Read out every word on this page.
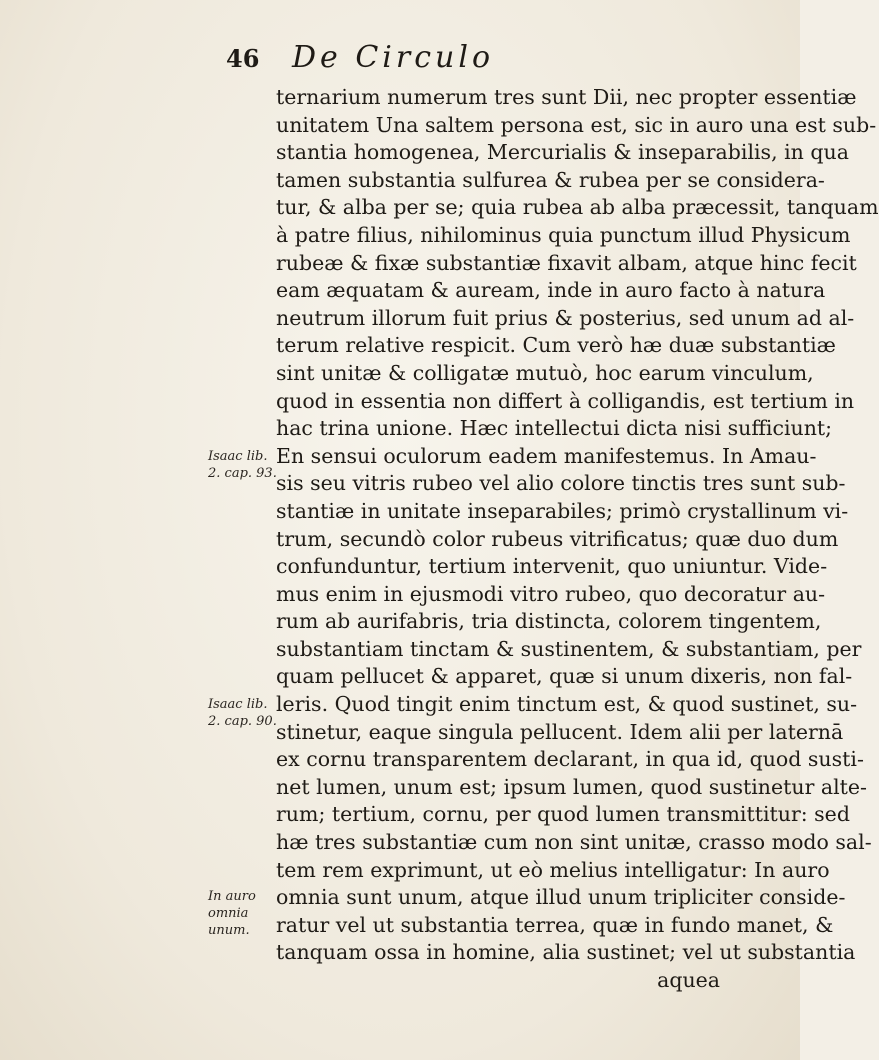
46 De Circulo
ternarium numerum tres sunt Dii, nec propter essentiæ
unitatem Una saltem persona est, sic in auro una est sub-
stantia homogenea, Mercurialis & inseparabilis, in qua
tamen substantia sulfurea & rubea per se considera-
tur, & alba per se; quia rubea ab alba præcessit, tanquam
à patre filius, nihilominus quia punctum illud Physicum
rubeæ & fixæ substantiæ fixavit albam, atque hinc fecit
eam æquatam & auream, inde in auro facto à natura
neutrum illorum fuit prius & posterius, sed unum ad al-
terum relative respicit. Cum verò hæ duæ substantiæ
sint unitæ & colligatæ mutuò, hoc earum vinculum,
quod in essentia non differt à colligandis, est tertium in
hac trina unione. Hæc intellectui dicta nisi sufficiunt;
En sensui oculorum eadem manifestemus. In Amau-
sis seu vitris rubeo vel alio colore tinctis tres sunt sub-
stantiæ in unitate inseparabiles; primò crystallinum vi-
trum, secundò color rubeus vitrificatus; quæ duo dum
confunduntur, tertium intervenit, quo uniuntur. Vide-
mus enim in ejusmodi vitro rubeo, quo decoratur au-
rum ab aurifabris, tria distincta, colorem tingentem,
substantiam tinctam & sustinentem, & substantiam, per
quam pellucet & apparet, quæ si unum dixeris, non fal-
leris. Quod tingit enim tinctum est, & quod sustinet, su-
stinetur, eaque singula pellucent. Idem alii per laternā
ex cornu transparentem declarant, in qua id, quod susti-
net lumen, unum est; ipsum lumen, quod sustinetur alte-
rum; tertium, cornu, per quod lumen transmittitur: sed
hæ tres substantiæ cum non sint unitæ, crasso modo sal-
tem rem exprimunt, ut eò melius intelligatur: In auro
omnia sunt unum, atque illud unum tripliciter conside-
ratur vel ut substantia terrea, quæ in fundo manet, &
tanquam ossa in homine, alia sustinet; vel ut substantia
aquea
Isaac lib. 2. cap. 93.
Isaac lib. 2. cap. 90.
In auro omnia unum.
